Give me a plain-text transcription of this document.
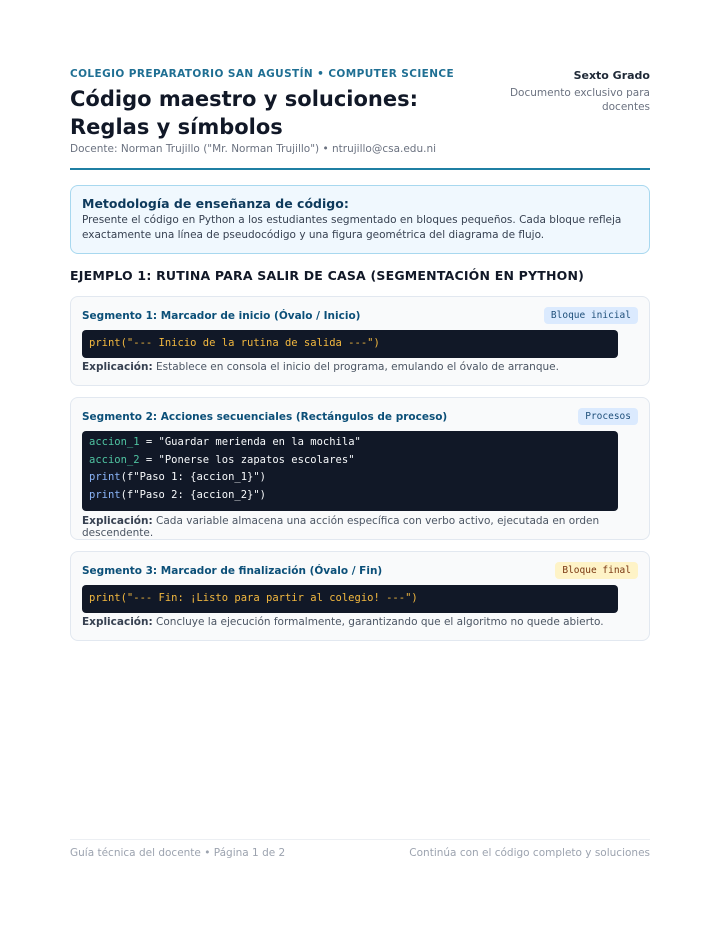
COLEGIO PREPARATORIO SAN AGUSTÍN • COMPUTER SCIENCE
Código maestro y soluciones: Reglas y símbolos
Docente: Norman Trujillo ("Mr. Norman Trujillo") • ntrujillo@csa.edu.ni
Sexto Grado
Documento exclusivo para docentes
Metodología de enseñanza de código:
Presente el código en Python a los estudiantes segmentado en bloques pequeños. Cada bloque refleja exactamente una línea de pseudocódigo y una figura geométrica del diagrama de flujo.
EJEMPLO 1: RUTINA PARA SALIR DE CASA (SEGMENTACIÓN EN PYTHON)
Segmento 1: Marcador de inicio (Óvalo / Inicio)	Bloque inicial
print("--- Inicio de la rutina de salida ---")
Explicación: Establece en consola el inicio del programa, emulando el óvalo de arranque.
Segmento 2: Acciones secuenciales (Rectángulos de proceso)	Procesos
accion_1 = "Guardar merienda en la mochila"
accion_2 = "Ponerse los zapatos escolares"
print(f"Paso 1: {accion_1}")
print(f"Paso 2: {accion_2}")
Explicación: Cada variable almacena una acción específica con verbo activo, ejecutada en orden descendente.
Segmento 3: Marcador de finalización (Óvalo / Fin)	Bloque final
print("--- Fin: ¡Listo para partir al colegio! ---")
Explicación: Concluye la ejecución formalmente, garantizando que el algoritmo no quede abierto.
Guía técnica del docente • Página 1 de 2	Continúa con el código completo y soluciones
